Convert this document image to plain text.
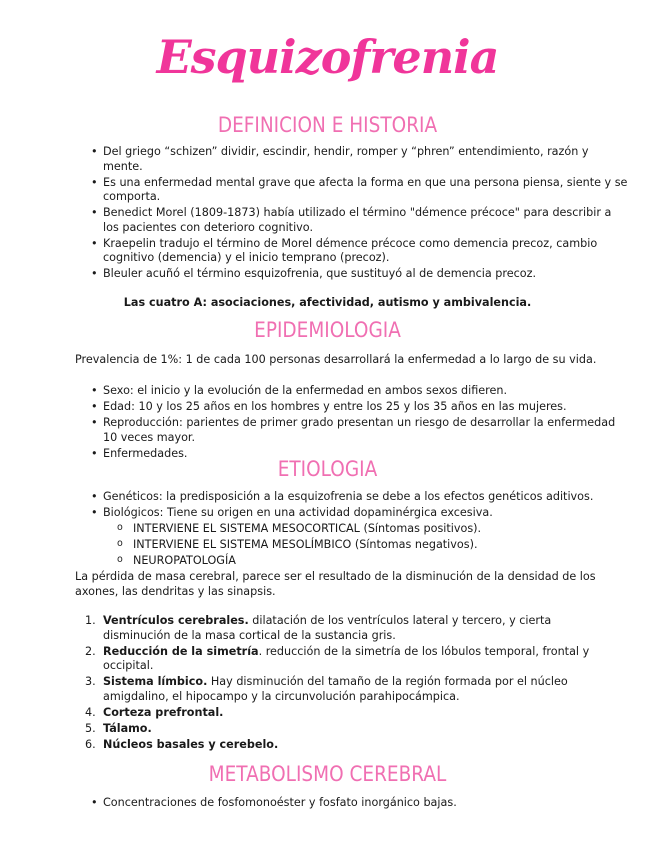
Esquizofrenia
DEFINICION E HISTORIA
• Del griego “schizen” dividir, escindir, hendir, romper y “phren” entendimiento, razón y mente.
• Es una enfermedad mental grave que afecta la forma en que una persona piensa, siente y se comporta.
• Benedict Morel (1809-1873) había utilizado el término "démence précoce" para describir a los pacientes con deterioro cognitivo.
• Kraepelin tradujo el término de Morel démence précoce como demencia precoz, cambio cognitivo (demencia) y el inicio temprano (precoz).
• Bleuler acuñó el término esquizofrenia, que sustituyó al de demencia precoz.
Las cuatro A: asociaciones, afectividad, autismo y ambivalencia.
EPIDEMIOLOGIA
Prevalencia de 1%: 1 de cada 100 personas desarrollará la enfermedad a lo largo de su vida.
• Sexo: el inicio y la evolución de la enfermedad en ambos sexos difieren.
• Edad: 10 y los 25 años en los hombres y entre los 25 y los 35 años en las mujeres.
• Reproducción: parientes de primer grado presentan un riesgo de desarrollar la enfermedad 10 veces mayor.
• Enfermedades.
ETIOLOGIA
• Genéticos: la predisposición a la esquizofrenia se debe a los efectos genéticos aditivos.
• Biológicos: Tiene su origen en una actividad dopaminérgica excesiva.
o INTERVIENE EL SISTEMA MESOCORTICAL (Síntomas positivos).
o INTERVIENE EL SISTEMA MESOLÍMBICO (Síntomas negativos).
o NEUROPATOLOGÍA
La pérdida de masa cerebral, parece ser el resultado de la disminución de la densidad de los axones, las dendritas y las sinapsis.
1. Ventrículos cerebrales. dilatación de los ventrículos lateral y tercero, y cierta disminución de la masa cortical de la sustancia gris.
2. Reducción de la simetría. reducción de la simetría de los lóbulos temporal, frontal y occipital.
3. Sistema límbico. Hay disminución del tamaño de la región formada por el núcleo amigdalino, el hipocampo y la circunvolución parahipocámpica.
4. Corteza prefrontal.
5. Tálamo.
6. Núcleos basales y cerebelo.
METABOLISMO CEREBRAL
• Concentraciones de fosfomonoéster y fosfato inorgánico bajas.
